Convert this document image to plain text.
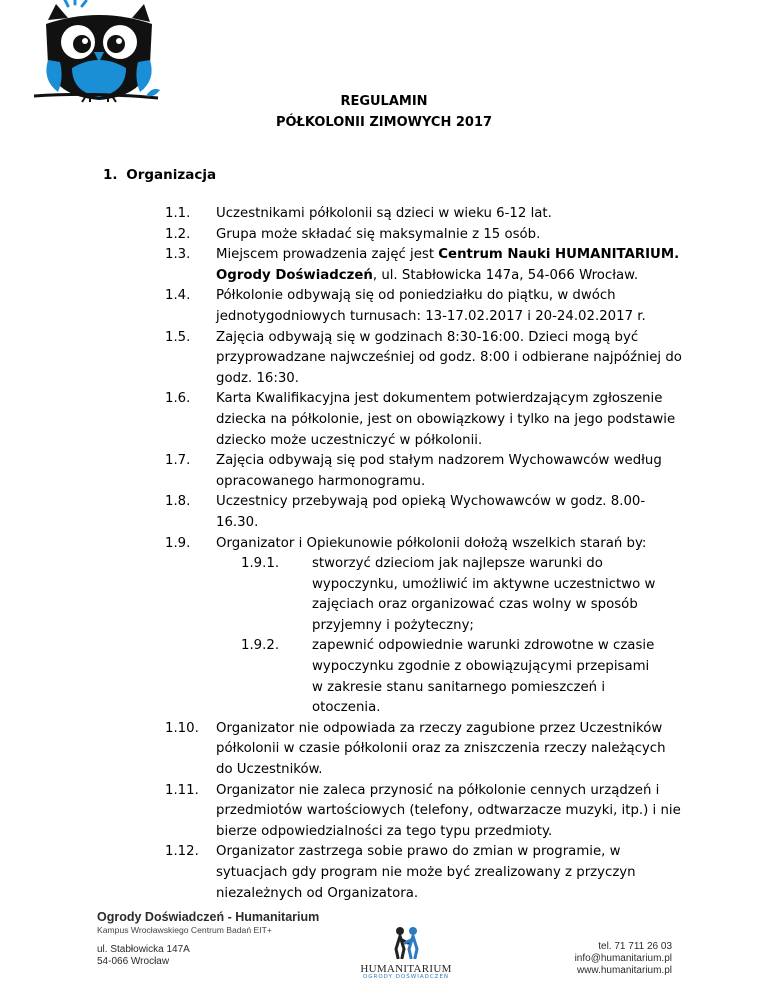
REGULAMIN
PÓŁKOLONII ZIMOWYCH 2017
1. Organizacja
1.1.	Uczestnikami półkolonii są dzieci w wieku 6-12 lat.
1.2.	Grupa może składać się maksymalnie z 15 osób.
1.3.	Miejscem prowadzenia zajęć jest Centrum Nauki HUMANITARIUM. Ogrody Doświadczeń, ul. Stabłowicka 147a, 54-066 Wrocław.
1.4.	Półkolonie odbywają się od poniedziałku do piątku, w dwóch jednotygodniowych turnusach: 13-17.02.2017 i 20-24.02.2017 r.
1.5.	Zajęcia odbywają się w godzinach 8:30-16:00. Dzieci mogą być przyprowadzane najwcześniej od godz. 8:00 i odbierane najpóźniej do godz. 16:30.
1.6.	Karta Kwalifikacyjna jest dokumentem potwierdzającym zgłoszenie dziecka na półkolonie, jest on obowiązkowy i tylko na jego podstawie dziecko może uczestniczyć w półkolonii.
1.7.	Zajęcia odbywają się pod stałym nadzorem Wychowawców według opracowanego harmonogramu.
1.8.	Uczestnicy przebywają pod opieką Wychowawców w godz. 8.00-16.30.
1.9.	Organizator i Opiekunowie półkolonii dołożą wszelkich starań by:
1.9.1.	stworzyć dzieciom jak najlepsze warunki do wypoczynku, umożliwić im aktywne uczestnictwo w zajęciach oraz organizować czas wolny w sposób przyjemny i pożyteczny;
1.9.2.	zapewnić odpowiednie warunki zdrowotne w czasie wypoczynku zgodnie z obowiązującymi przepisami w zakresie stanu sanitarnego pomieszczeń i otoczenia.
1.10.	Organizator nie odpowiada za rzeczy zagubione przez Uczestników półkolonii w czasie półkolonii oraz za zniszczenia rzeczy należących do Uczestników.
1.11.	Organizator nie zaleca przynosić na półkolonie cennych urządzeń i przedmiotów wartościowych (telefony, odtwarzacze muzyki, itp.) i nie bierze odpowiedzialności za tego typu przedmioty.
1.12.	Organizator zastrzega sobie prawo do zmian w programie, w sytuacjach gdy program nie może być zrealizowany z przyczyn niezależnych od Organizatora.
Ogrody Doświadczeń - Humanitarium
Kampus Wrocławskiego Centrum Badań EIT+
ul. Stabłowicka 147A
54-066 Wrocław
HUMANITARIUM
OGRODY DOŚWIADCZEŃ
tel. 71 711 26 03
info@humanitarium.pl
www.humanitarium.pl
